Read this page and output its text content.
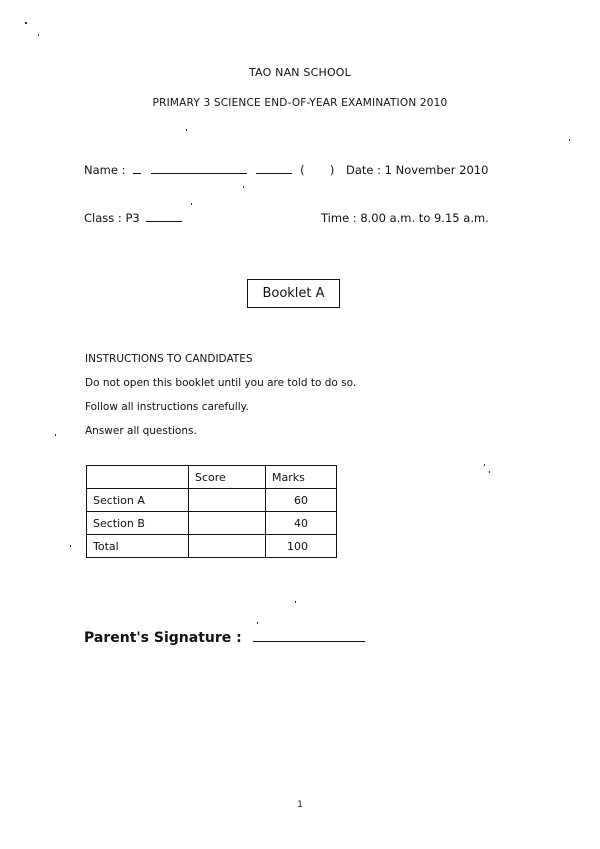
TAO NAN SCHOOL
PRIMARY 3 SCIENCE END-OF-YEAR EXAMINATION 2010
Name :	( ) Date : 1 November 2010
Class : P3	Time : 8.00 a.m. to 9.15 a.m.
Booklet A
INSTRUCTIONS TO CANDIDATES
Do not open this booklet until you are told to do so.
Follow all instructions carefully.
Answer all questions.
	Score	Marks
Section A		60
Section B		40
Total		100
Parent's Signature :
1
